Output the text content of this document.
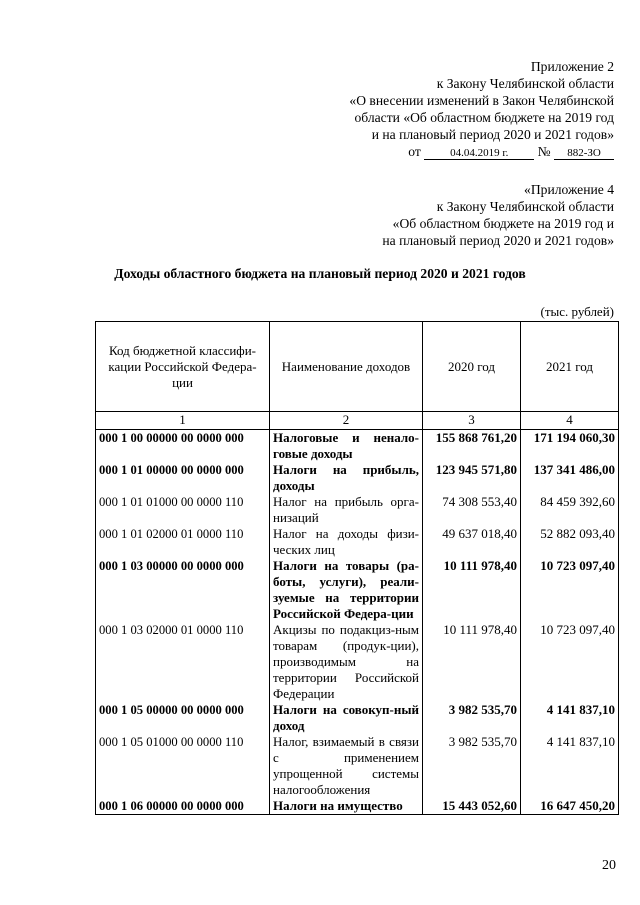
Приложение 2
к Закону Челябинской области
«О внесении изменений в Закон Челябинской
области «Об областном бюджете на 2019 год
и на плановый период 2020 и 2021 годов»
от	04.04.2019 г. № 882-ЗО
«Приложение 4
к Закону Челябинской области
«Об областном бюджете на 2019 год и
на плановый период 2020 и 2021 годов»
Доходы областного бюджета на плановый период 2020 и 2021 годов
(тыс. рублей)
Код бюджетной классифи-кации Российской Федера-ции	Наименование доходов	2020 год	2021 год
1	2	3	4
000 1 00 00000 00 0000 000	Налоговые и ненало-говые доходы	155 868 761,20	171 194 060,30
000 1 01 00000 00 0000 000	Налоги на прибыль, доходы	123 945 571,80	137 341 486,00
000 1 01 01000 00 0000 110	Налог на прибыль орга-низаций	74 308 553,40	84 459 392,60
000 1 01 02000 01 0000 110	Налог на доходы физи-ческих лиц	49 637 018,40	52 882 093,40
000 1 03 00000 00 0000 000	Налоги на товары (ра-боты, услуги), реали-зуемые на территории Российской Федера-ции	10 111 978,40	10 723 097,40
000 1 03 02000 01 0000 110	Акцизы по подакциз-ным товарам (продук-ции), производимым на территории Российской Федерации	10 111 978,40	10 723 097,40
000 1 05 00000 00 0000 000	Налоги на совокуп-ный доход	3 982 535,70	4 141 837,10
000 1 05 01000 00 0000 110	Налог, взимаемый в связи с применением упрощенной системы налогообложения	3 982 535,70	4 141 837,10
000 1 06 00000 00 0000 000	Налоги на имущество	15 443 052,60	16 647 450,20
20
